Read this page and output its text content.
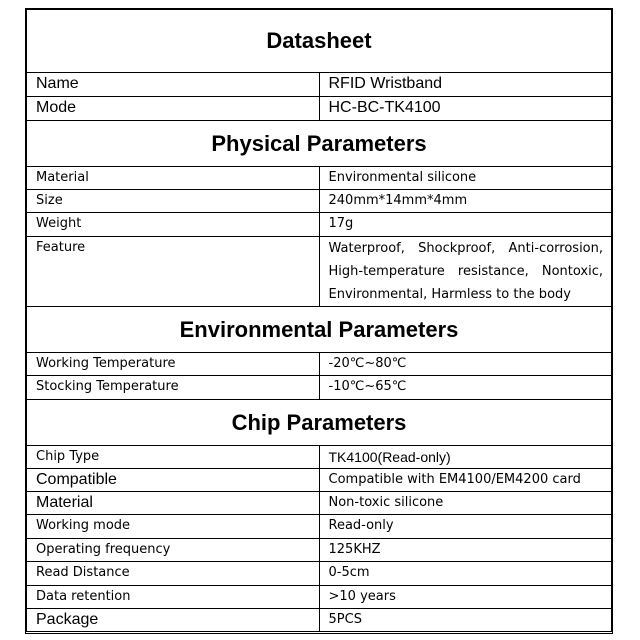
Datasheet	
Name	RFID Wristband
Mode	HC-BC-TK4100
Physical Parameters	
Material	Environmental silicone
Size	240mm*14mm*4mm
Weight	17g
Feature	Waterproof, Shockproof, Anti-corrosion, High-temperature resistance, Nontoxic, Environmental, Harmless to the body
Environmental Parameters	
Working Temperature	-20℃~80℃
Stocking Temperature	-10℃~65℃
Chip Parameters	
Chip Type	TK4100(Read-only)
Compatible	Compatible with EM4100/EM4200 card
Material	Non-toxic silicone
Working mode	Read-only
Operating frequency	125KHZ
Read Distance	0-5cm
Data retention	>10 years
Package	5PCS
